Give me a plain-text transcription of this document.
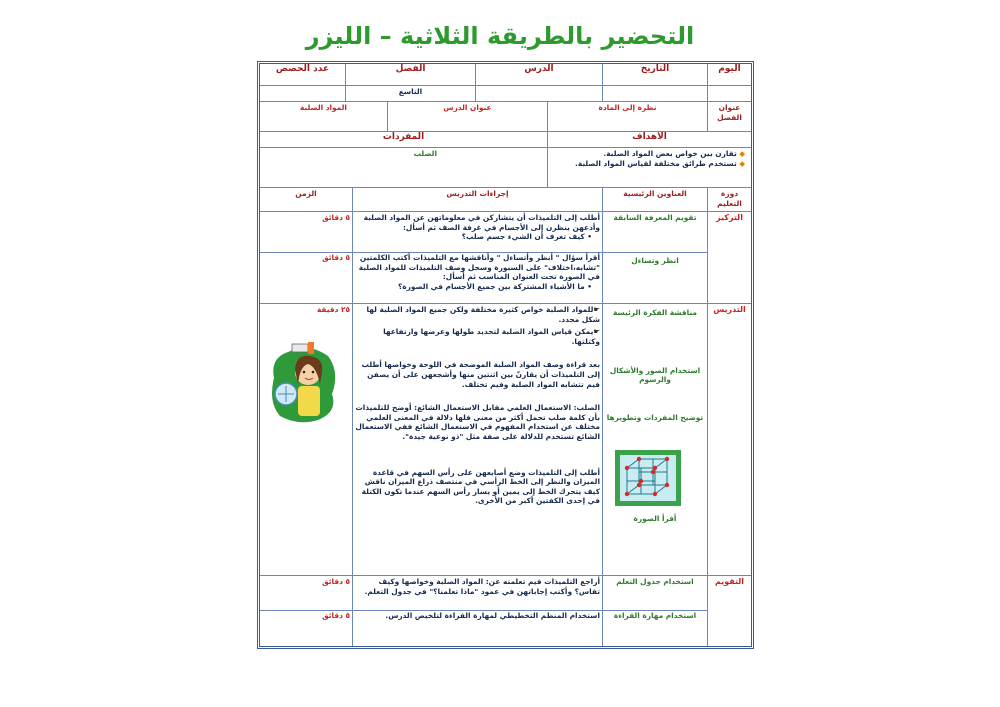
التحضير بالطريقة الثلاثية – الليزر
اليوم
التاريخ
الدرس
الفصل
عدد الحصص
التاسع
عنوان الفصل
نظرة إلى المادة
عنوان الدرس
المواد الصلبة
الأهداف
المفردات
◆ تقارن بين خواص بعض المواد الصلبة.
◆ تستخدم طرائق مختلفة لقياس المواد الصلبة.
الصلب
دورة التعليم
العناوين الرئيسية
إجراءات التدريس
الزمن
التركيز
تقويم المعرفة السابقة
أطلب إلى التلميذات أن يتشاركن في معلوماتهن عن المواد الصلبة وأدعهن ينظرن إلى الأجسام في غرفة الصف ثم أسأل:
• كيف تعرف أن الشيء جسم صلب؟
٥ دقائق
انظر وتساءل
أقرأ سؤال " أنظر وأتساءل " وأناقشها مع التلميذات أكتب الكلمتين "تشابه،اختلاف" على السبورة وسجل وصف التلميذات للمواد الصلبة في الصورة تحت العنوان المناسب ثم أسأل:
• ما الأشياء المشتركة بين جميع الأجسام في الصورة؟
٥ دقائق
التدريس
مناقشة الفكرة الرئيسة
استخدام الصور والأشكال والرسوم
توضيح المفردات وتطويرها
أقرأ الصورة
☛للمواد الصلبة خواص كثيرة مختلفة ولكن جميع المواد الصلبة لها شكل محدد.
☛يمكن قياس المواد الصلبة لتحديد طولها وعرضها وارتفاعها وكتلتها.
بعد قراءة وصف المواد الصلبة الموضحة في اللوحة وخواصها أطلب إلى التلميذات أن يقارنّ بين اثنتين منها وأشجعهن على أن يصفن فيم تتشابه المواد الصلبة وفيم تختلف.
الصلب: الاستعمال العلمي مقابل الاستعمال الشائع: أوضح للتلميذات بأن كلمة صلب تحمل أكثر من معنى فلها دلالة في المعنى العلمي مختلف عن استخدام المفهوم في الاستعمال الشائع ففي الاستعمال الشائع تستخدم للدلالة على صفة مثل "ذو نوعية جيدة".
أطلب إلى التلميذات وضع أصابعهن على رأس السهم في قاعدة الميزان والنظر إلى الخط الرأسي في منتصف ذراع الميزان ناقش كيف يتحرك الخط إلى يمين أو يسار رأس السهم عندما تكون الكتلة في إحدى الكفتين أكبر من الأخرى.
٢٥ دقيقة
التقويم
استخدام جدول التعلم
أراجع التلميذات فيم تعلمته عن: المواد الصلبة وخواصها وكيف تقاس؟ وأكتب إجاباتهن في عمود "ماذا تعلمنا؟" في جدول التعلم.
٥ دقائق
استخدام مهارة القراءة
استخدام المنظم التخطيطي لمهارة القراءة لتلخيص الدرس.
٥ دقائق
